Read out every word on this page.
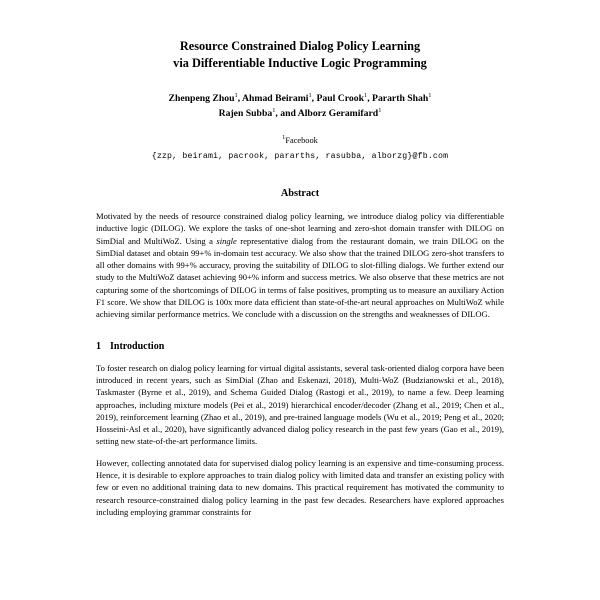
Resource Constrained Dialog Policy Learning
via Differentiable Inductive Logic Programming
Zhenpeng Zhou$^1$, Ahmad Beirami$^1$, Paul Crook$^1$, Pararth Shah$^1$
Rajen Subba$^1$, and Alborz Geramifard$^1$
$^1$Facebook
{zzp, beirami, pacrook, pararths, rasubba, alborzg}@fb.com
Abstract
Motivated by the needs of resource constrained dialog policy learning, we introduce dialog policy via differentiable inductive logic (DILOG). We explore the tasks of one-shot learning and zero-shot domain transfer with DILOG on SimDial and MultiWoZ. Using a single representative dialog from the restaurant domain, we train DILOG on the SimDial dataset and obtain 99+% in-domain test accuracy. We also show that the trained DILOG zero-shot transfers to all other domains with 99+% accuracy, proving the suitability of DILOG to slot-filling dialogs. We further extend our study to the MultiWoZ dataset achieving 90+% inform and success metrics. We also observe that these metrics are not capturing some of the shortcomings of DILOG in terms of false positives, prompting us to measure an auxiliary Action F1 score. We show that DILOG is 100x more data efficient than state-of-the-art neural approaches on MultiWoZ while achieving similar performance metrics. We conclude with a discussion on the strengths and weaknesses of DILOG.
1 Introduction
To foster research on dialog policy learning for virtual digital assistants, several task-oriented dialog corpora have been introduced in recent years, such as SimDial (Zhao and Eskenazi, 2018), Multi-WoZ (Budzianowski et al., 2018), Taskmaster (Byrne et al., 2019), and Schema Guided Dialog (Rastogi et al., 2019), to name a few. Deep learning approaches, including mixture models (Pei et al., 2019) hierarchical encoder/decoder (Zhang et al., 2019; Chen et al., 2019), reinforcement learning (Zhao et al., 2019), and pre-trained language models (Wu et al., 2019; Peng et al., 2020; Hosseini-Asl et al., 2020), have significantly advanced dialog policy research in the past few years (Gao et al., 2019), setting new state-of-the-art performance limits.
However, collecting annotated data for supervised dialog policy learning is an expensive and time-consuming process. Hence, it is desirable to explore approaches to train dialog policy with limited data and transfer an existing policy with few or even no additional training data to new domains. This practical requirement has motivated the community to research resource-constrained dialog policy learning in the past few decades. Researchers have explored approaches including employing grammar constraints for
